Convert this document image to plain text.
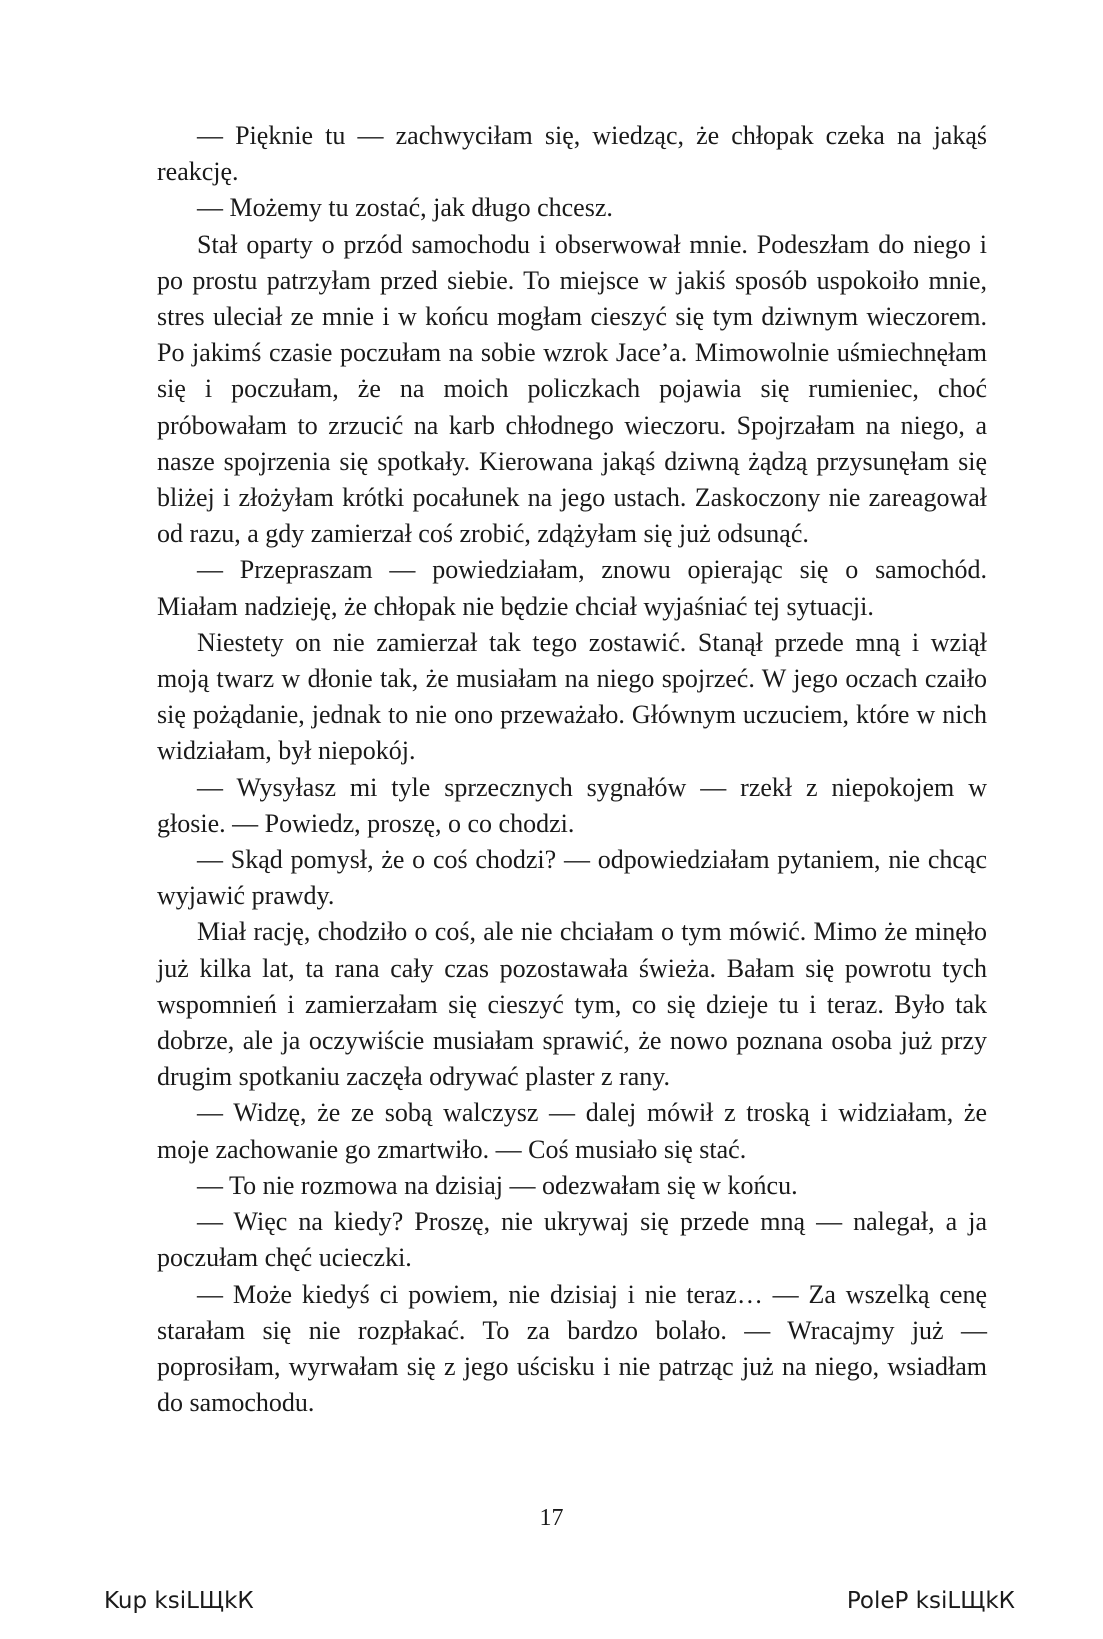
— Pięknie tu — zachwyciłam się, wiedząc, że chłopak czeka na jakąś reakcję.

— Możemy tu zostać, jak długo chcesz.

Stał oparty o przód samochodu i obserwował mnie. Podeszłam do niego i po prostu patrzyłam przed siebie. To miejsce w jakiś sposób uspokoiło mnie, stres uleciał ze mnie i w końcu mogłam cieszyć się tym dziwnym wieczorem. Po jakimś czasie poczułam na sobie wzrok Jace’a. Mimowolnie uśmiechnęłam się i poczułam, że na moich policzkach pojawia się rumieniec, choć próbowałam to zrzucić na karb chłodnego wieczoru. Spojrzałam na niego, a nasze spojrzenia się spotkały. Kierowana jakąś dziwną żądzą przysunęłam się bliżej i złożyłam krótki pocałunek na jego ustach. Zaskoczony nie zareagował od razu, a gdy zamierzał coś zrobić, zdążyłam się już odsunąć.

— Przepraszam — powiedziałam, znowu opierając się o samochód. Miałam nadzieję, że chłopak nie będzie chciał wyjaśniać tej sytuacji.

Niestety on nie zamierzał tak tego zostawić. Stanął przede mną i wziął moją twarz w dłonie tak, że musiałam na niego spojrzeć. W jego oczach czaiło się pożądanie, jednak to nie ono przeważało. Głównym uczuciem, które w nich widziałam, był niepokój.

— Wysyłasz mi tyle sprzecznych sygnałów — rzekł z niepokojem w głosie. — Powiedz, proszę, o co chodzi.

— Skąd pomysł, że o coś chodzi? — odpowiedziałam pytaniem, nie chcąc wyjawić prawdy.

Miał rację, chodziło o coś, ale nie chciałam o tym mówić. Mimo że minęło już kilka lat, ta rana cały czas pozostawała świeża. Bałam się powrotu tych wspomnień i zamierzałam się cieszyć tym, co się dzieje tu i teraz. Było tak dobrze, ale ja oczywiście musiałam sprawić, że nowo poznana osoba już przy drugim spotkaniu zaczęła odrywać plaster z rany.

— Widzę, że ze sobą walczysz — dalej mówił z troską i widziałam, że moje zachowanie go zmartwiło. — Coś musiało się stać.

— To nie rozmowa na dzisiaj — odezwałam się w końcu.

— Więc na kiedy? Proszę, nie ukrywaj się przede mną — nalegał, a ja poczułam chęć ucieczki.

— Może kiedyś ci powiem, nie dzisiaj i nie teraz… — Za wszelką cenę starałam się nie rozpłakać. To za bardzo bolało. — Wracajmy już — poprosiłam, wyrwałam się z jego uścisku i nie patrząc już na niego, wsiadłam do samochodu.

17
Kup ksiLЩkК	PoleP ksiLЩkК
